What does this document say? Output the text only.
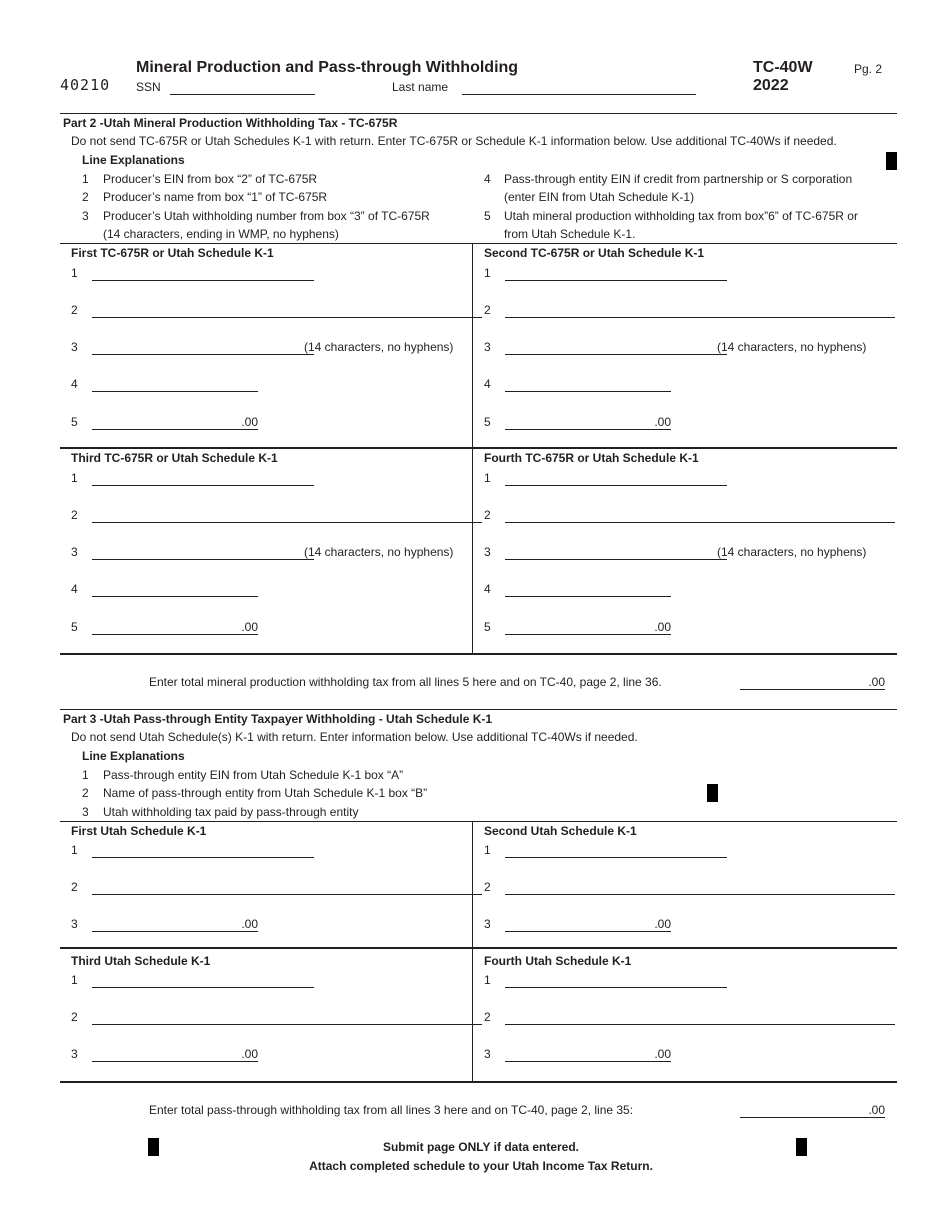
40210
Mineral Production and Pass-through Withholding
SSN	Last name
TC-40W
2022
Pg. 2
Part 2 -Utah Mineral Production Withholding Tax - TC-675R
Do not send TC-675R or Utah Schedules K-1 with return. Enter TC-675R or Schedule K-1 information below. Use additional TC-40Ws if needed.
Line Explanations
1 Producer’s EIN from box “2” of TC-675R
2 Producer’s name from box “1” of TC-675R
3 Producer’s Utah withholding number from box “3” of TC-675R
(14 characters, ending in WMP, no hyphens)
4 Pass-through entity EIN if credit from partnership or S corporation
(enter EIN from Utah Schedule K-1)
5 Utah mineral production withholding tax from box”6” of TC-675R or
from Utah Schedule K-1.
First TC-675R or Utah Schedule K-1
1
2
3	(14 characters, no hyphens)
4
5	.00
Second TC-675R or Utah Schedule K-1
1
2
3	(14 characters, no hyphens)
4
5	.00
Third TC-675R or Utah Schedule K-1
1
2
3	(14 characters, no hyphens)
4
5	.00
Fourth TC-675R or Utah Schedule K-1
1
2
3	(14 characters, no hyphens)
4
5	.00
Enter total mineral production withholding tax from all lines 5 here and on TC-40, page 2, line 36.	.00
Part 3 -Utah Pass-through Entity Taxpayer Withholding - Utah Schedule K-1
Do not send Utah Schedule(s) K-1 with return. Enter information below. Use additional TC-40Ws if needed.
Line Explanations
1 Pass-through entity EIN from Utah Schedule K-1 box “A”
2 Name of pass-through entity from Utah Schedule K-1 box “B”
3 Utah withholding tax paid by pass-through entity
First Utah Schedule K-1
1
2
3	.00
Second Utah Schedule K-1
1
2
3	.00
Third Utah Schedule K-1
1
2
3	.00
Fourth Utah Schedule K-1
1
2
3	.00
Enter total pass-through withholding tax from all lines 3 here and on TC-40, page 2, line 35:	.00
Submit page ONLY if data entered.
Attach completed schedule to your Utah Income Tax Return.
